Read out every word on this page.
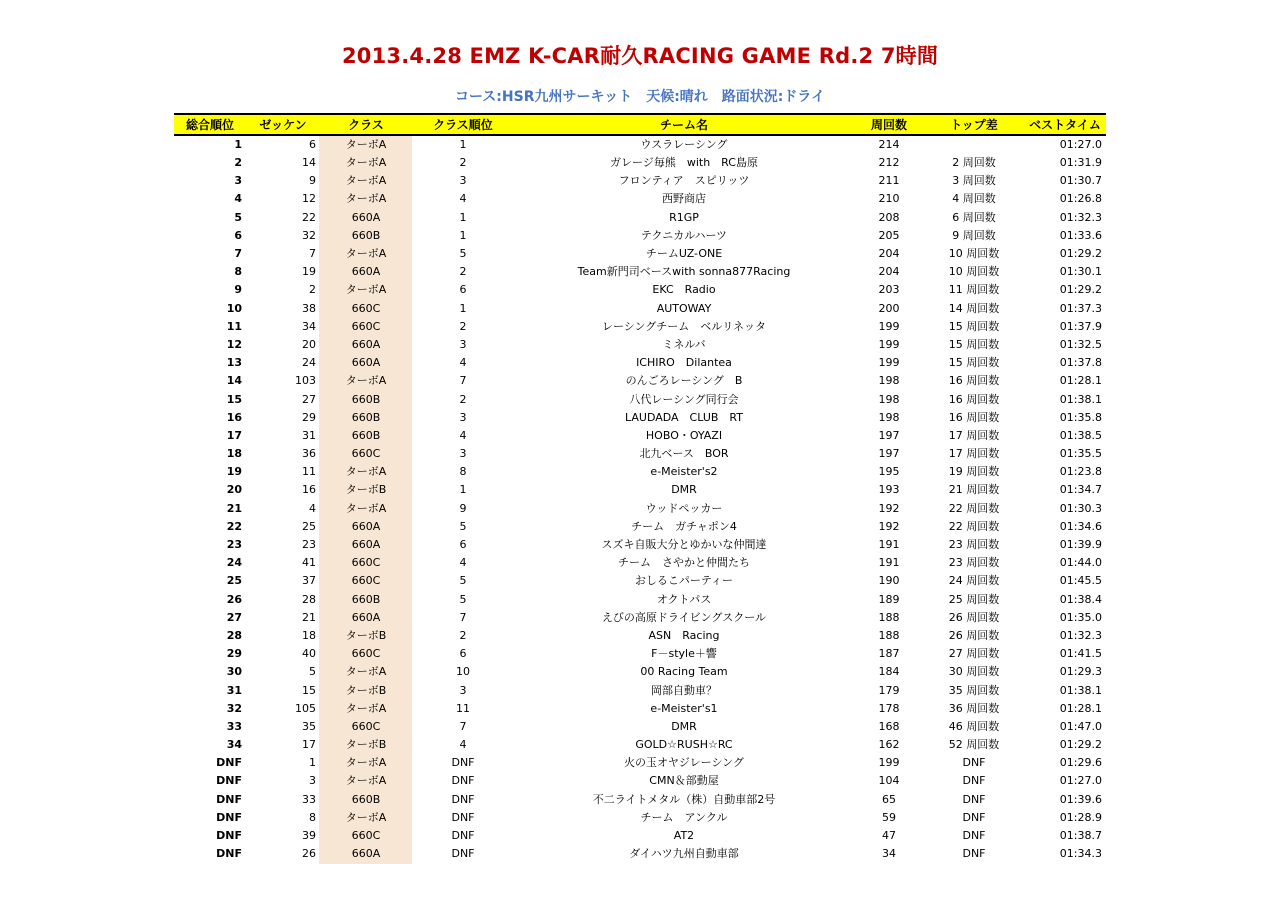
2013.4.28 EMZ K-CAR耐久RACING GAME Rd.2 7時間
コース:HSR九州サーキット　天候:晴れ　路面状況:ドライ
総合順位	ゼッケン	クラス	クラス順位	チーム名	周回数	トップ差	ベストタイム
1	6	ターボA	1	ウスラレーシング	214		01:27.0
2	14	ターボA	2	ガレージ毎熊　with　RC島原	212	2 周回数	01:31.9
3	9	ターボA	3	フロンティア　スピリッツ	211	3 周回数	01:30.7
4	12	ターボA	4	西野商店	210	4 周回数	01:26.8
5	22	660A	1	R1GP	208	6 周回数	01:32.3
6	32	660B	1	テクニカルハーツ	205	9 周回数	01:33.6
7	7	ターボA	5	チームUZ-ONE	204	10 周回数	01:29.2
8	19	660A	2	Team新門司ベースwith sonna877Racing	204	10 周回数	01:30.1
9	2	ターボA	6	EKC　Radio	203	11 周回数	01:29.2
10	38	660C	1	AUTOWAY	200	14 周回数	01:37.3
11	34	660C	2	レーシングチーム　ベルリネッタ	199	15 周回数	01:37.9
12	20	660A	3	ミネルバ	199	15 周回数	01:32.5
13	24	660A	4	ICHIRO　Dilantea	199	15 周回数	01:37.8
14	103	ターボA	7	のんごろレーシング　B	198	16 周回数	01:28.1
15	27	660B	2	八代レーシング同行会	198	16 周回数	01:38.1
16	29	660B	3	LAUDADA　CLUB　RT	198	16 周回数	01:35.8
17	31	660B	4	HOBO・OYAZI	197	17 周回数	01:38.5
18	36	660C	3	北九ベース　BOR	197	17 周回数	01:35.5
19	11	ターボA	8	e-Meister's2	195	19 周回数	01:23.8
20	16	ターボB	1	DMR	193	21 周回数	01:34.7
21	4	ターボA	9	ウッドペッカー	192	22 周回数	01:30.3
22	25	660A	5	チーム　ガチャポン4	192	22 周回数	01:34.6
23	23	660A	6	スズキ自販大分とゆかいな仲間達	191	23 周回数	01:39.9
24	41	660C	4	チーム　さやかと仲間たち	191	23 周回数	01:44.0
25	37	660C	5	おしるこパーティー	190	24 周回数	01:45.5
26	28	660B	5	オクトパス	189	25 周回数	01:38.4
27	21	660A	7	えびの高原ドライビングスクール	188	26 周回数	01:35.0
28	18	ターボB	2	ASN　Racing	188	26 周回数	01:32.3
29	40	660C	6	F－style＋響	187	27 周回数	01:41.5
30	5	ターボA	10	00 Racing Team	184	30 周回数	01:29.3
31	15	ターボB	3	岡部自動車？	179	35 周回数	01:38.1
32	105	ターボA	11	e-Meister's1	178	36 周回数	01:28.1
33	35	660C	7	DMR	168	46 周回数	01:47.0
34	17	ターボB	4	GOLD☆RUSH☆RC	162	52 周回数	01:29.2
DNF	1	ターボA	DNF	火の玉オヤジレーシング	199	DNF	01:29.6
DNF	3	ターボA	DNF	CMN＆部動屋	104	DNF	01:27.0
DNF	33	660B	DNF	不二ライトメタル（株）自動車部2号	65	DNF	01:39.6
DNF	8	ターボA	DNF	チーム　アンクル	59	DNF	01:28.9
DNF	39	660C	DNF	AT2	47	DNF	01:38.7
DNF	26	660A	DNF	ダイハツ九州自動車部	34	DNF	01:34.3
